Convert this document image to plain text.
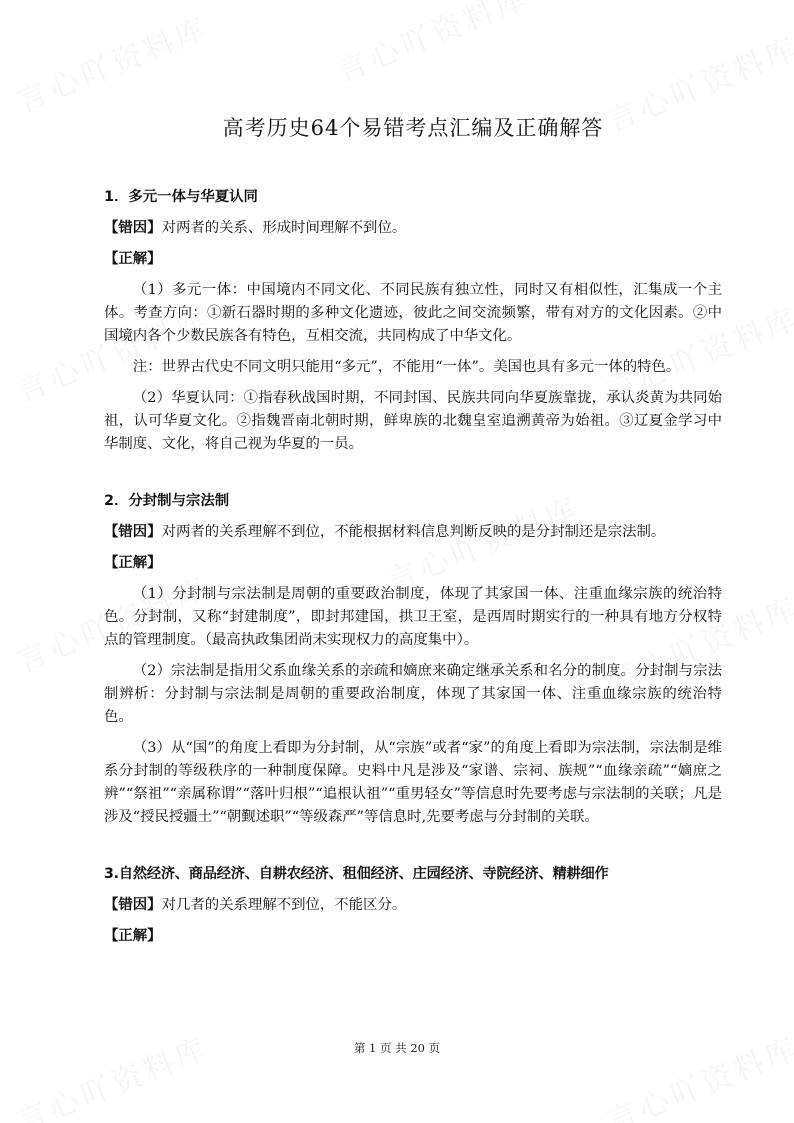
高考历史64个易错考点汇编及正确解答
1．多元一体与华夏认同
【错因】对两者的关系、形成时间理解不到位。
【正解】

（1）多元一体：中国境内不同文化、不同民族有独立性，同时又有相似性，汇集成一个主体。考查方向：①新石器时期的多种文化遗迹，彼此之间交流频繁，带有对方的文化因素。②中国境内各个少数民族各有特色，互相交流，共同构成了中华文化。

注：世界古代史不同文明只能用“多元”，不能用“一体”。美国也具有多元一体的特色。

（2）华夏认同：①指春秋战国时期，不同封国、民族共同向华夏族靠拢，承认炎黄为共同始祖，认可华夏文化。②指魏晋南北朝时期，鲜卑族的北魏皇室追溯黄帝为始祖。③辽夏金学习中华制度、文化，将自己视为华夏的一员。

2．分封制与宗法制
【错因】对两者的关系理解不到位，不能根据材料信息判断反映的是分封制还是宗法制。
【正解】

（1）分封制与宗法制是周朝的重要政治制度，体现了其家国一体、注重血缘宗族的统治特色。分封制，又称“封建制度”，即封邦建国，拱卫王室，是西周时期实行的一种具有地方分权特点的管理制度。（最高执政集团尚未实现权力的高度集中）。

（2）宗法制是指用父系血缘关系的亲疏和嫡庶来确定继承关系和名分的制度。分封制与宗法制辨析：分封制与宗法制是周朝的重要政治制度，体现了其家国一体、注重血缘宗族的统治特色。

（3）从“国”的角度上看即为分封制，从“宗族”或者“家”的角度上看即为宗法制，宗法制是维系分封制的等级秩序的一种制度保障。史料中凡是涉及“家谱、宗祠、族规”“血缘亲疏”“嫡庶之辨”“祭祖”“亲属称谓”“落叶归根”“追根认祖”“重男轻女”等信息时先要考虑与宗法制的关联；凡是涉及“授民授疆土”“朝觐述职”“等级森严”等信息时,先要考虑与分封制的关联。

3.自然经济、商品经济、自耕农经济、租佃经济、庄园经济、寺院经济、精耕细作
【错因】对几者的关系理解不到位，不能区分。
【正解】
第 1 页 共 20 页
